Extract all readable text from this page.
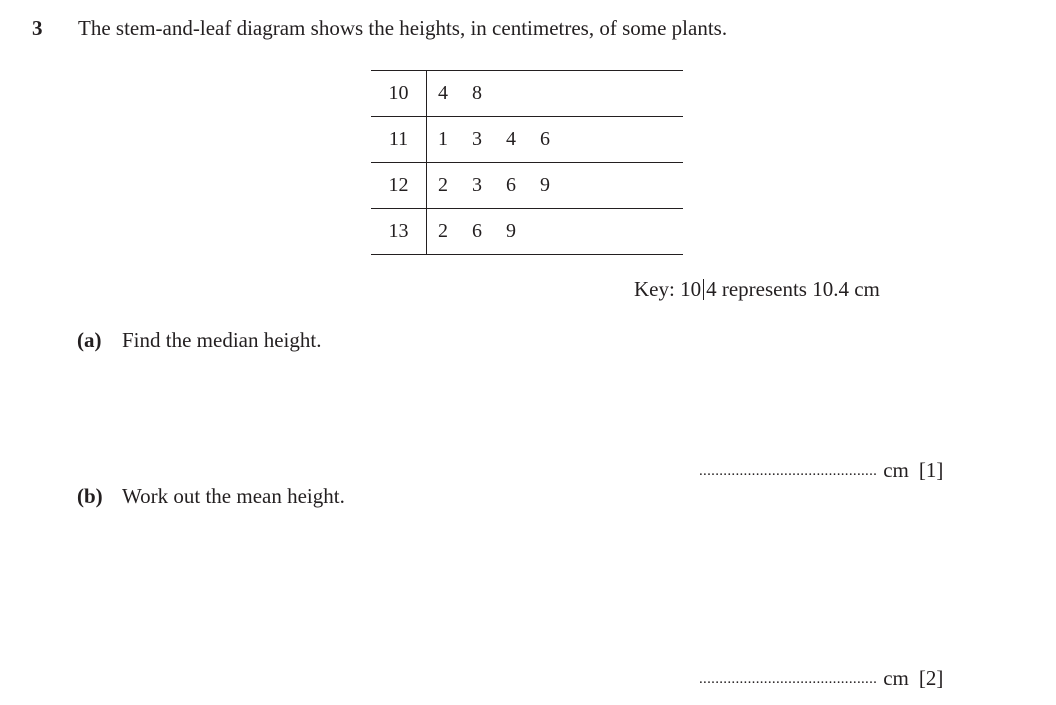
3 The stem-and-leaf diagram shows the heights, in centimetres, of some plants.
10	4	8
11	1	3	4	6
12	2	3	6	9
13	2	6	9
Key: 10 4 represents 10.4 cm
(a) Find the median height.
............................................ cm [1]
(b) Work out the mean height.
............................................ cm [2]
